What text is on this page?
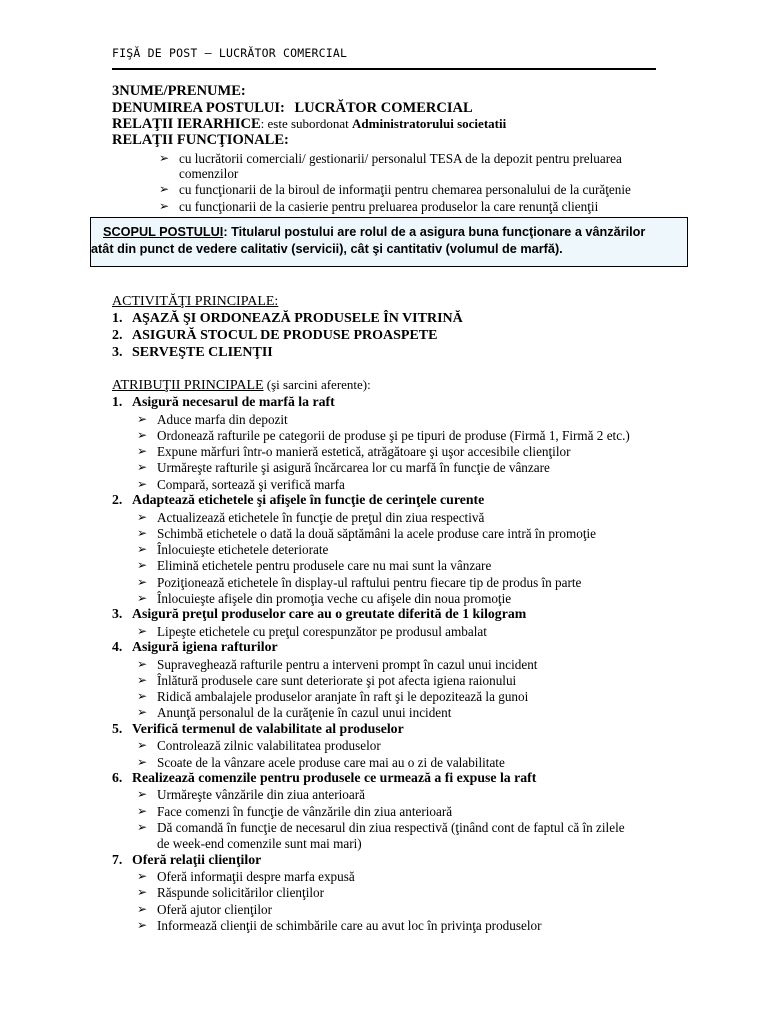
FIŞĂ DE POST – LUCRĂTOR COMERCIAL
3NUME/PRENUME:
DENUMIREA POSTULUI: LUCRĂTOR COMERCIAL
RELAŢII IERARHICE: este subordonat Administratorului societatii
RELAŢII FUNCŢIONALE:
➢ cu lucrătorii comerciali/ gestionarii/ personalul TESA de la depozit pentru preluarea
comenzilor
➢ cu funcţionarii de la biroul de informaţii pentru chemarea personalului de la curăţenie
➢ cu funcţionarii de la casierie pentru preluarea produselor la care renunţă clienţii
SCOPUL POSTULUI: Titularul postului are rolul de a asigura buna funcţionare a vânzărilor
atât din punct de vedere calitativ (servicii), cât şi cantitativ (volumul de marfă).
ACTIVITĂŢI PRINCIPALE:
1. AŞAZĂ ŞI ORDONEAZĂ PRODUSELE ÎN VITRINĂ
2. ASIGURĂ STOCUL DE PRODUSE PROASPETE
3. SERVEŞTE CLIENŢII
ATRIBUŢII PRINCIPALE (şi sarcini aferente):
1. Asigură necesarul de marfă la raft
➢ Aduce marfa din depozit
➢ Ordonează rafturile pe categorii de produse şi pe tipuri de produse (Firmă 1, Firmă 2 etc.)
➢ Expune mărfuri într-o manieră estetică, atrăgătoare şi uşor accesibile clienţilor
➢ Urmăreşte rafturile şi asigură încărcarea lor cu marfă în funcţie de vânzare
➢ Compară, sortează şi verifică marfa
2. Adaptează etichetele şi afişele în funcţie de cerinţele curente
➢ Actualizează etichetele în funcţie de preţul din ziua respectivă
➢ Schimbă etichetele o dată la două săptămâni la acele produse care intră în promoţie
➢ Înlocuieşte etichetele deteriorate
➢ Elimină etichetele pentru produsele care nu mai sunt la vânzare
➢ Poziţionează etichetele în display-ul raftului pentru fiecare tip de produs în parte
➢ Înlocuieşte afişele din promoţia veche cu afişele din noua promoţie
3. Asigură preţul produselor care au o greutate diferită de 1 kilogram
➢ Lipeşte etichetele cu preţul corespunzător pe produsul ambalat
4. Asigură igiena rafturilor
➢ Supraveghează rafturile pentru a interveni prompt în cazul unui incident
➢ Înlătură produsele care sunt deteriorate şi pot afecta igiena raionului
➢ Ridică ambalajele produselor aranjate în raft şi le depozitează la gunoi
➢ Anunţă personalul de la curăţenie în cazul unui incident
5. Verifică termenul de valabilitate al produselor
➢ Controlează zilnic valabilitatea produselor
➢ Scoate de la vânzare acele produse care mai au o zi de valabilitate
6. Realizează comenzile pentru produsele ce urmează a fi expuse la raft
➢ Urmăreşte vânzările din ziua anterioară
➢ Face comenzi în funcţie de vânzările din ziua anterioară
➢ Dă comandă în funcţie de necesarul din ziua respectivă (ţinând cont de faptul că în zilele
de week-end comenzile sunt mai mari)
7. Oferă relaţii clienţilor
➢ Oferă informaţii despre marfa expusă
➢ Răspunde solicitărilor clienţilor
➢ Oferă ajutor clienţilor
➢ Informează clienţii de schimbările care au avut loc în privinţa produselor
